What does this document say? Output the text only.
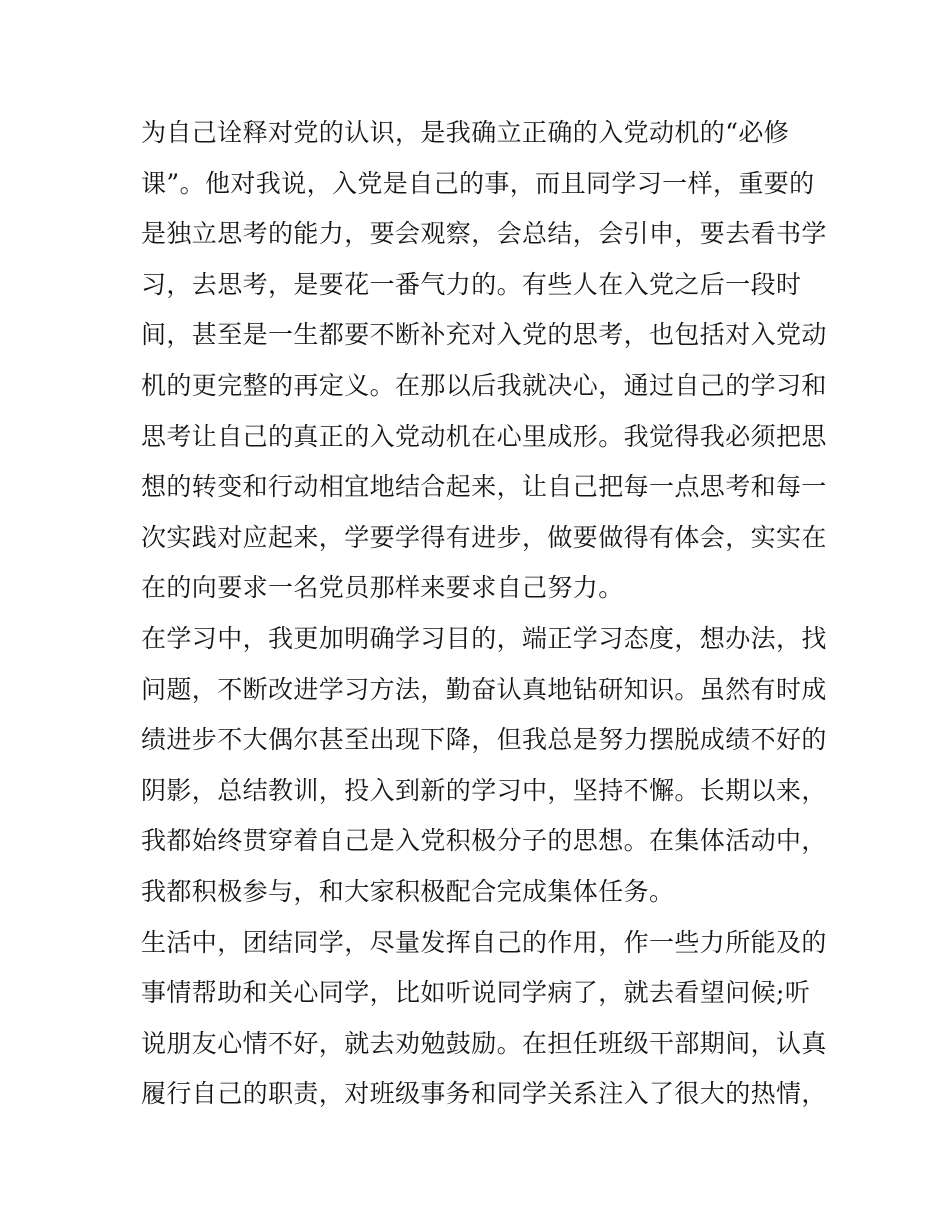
为自己诠释对党的认识，是我确立正确的入党动机的“必修
课”。他对我说，入党是自己的事，而且同学习一样，重要的
是独立思考的能力，要会观察，会总结，会引申，要去看书学
习，去思考，是要花一番气力的。有些人在入党之后一段时
间，甚至是一生都要不断补充对入党的思考，也包括对入党动
机的更完整的再定义。在那以后我就决心，通过自己的学习和
思考让自己的真正的入党动机在心里成形。我觉得我必须把思
想的转变和行动相宜地结合起来，让自己把每一点思考和每一
次实践对应起来，学要学得有进步，做要做得有体会，实实在
在的向要求一名党员那样来要求自己努力。
在学习中，我更加明确学习目的，端正学习态度，想办法，找
问题，不断改进学习方法，勤奋认真地钻研知识。虽然有时成
绩进步不大偶尔甚至出现下降，但我总是努力摆脱成绩不好的
阴影，总结教训，投入到新的学习中，坚持不懈。长期以来，
我都始终贯穿着自己是入党积极分子的思想。在集体活动中，
我都积极参与，和大家积极配合完成集体任务。
生活中，团结同学，尽量发挥自己的作用，作一些力所能及的
事情帮助和关心同学，比如听说同学病了，就去看望问候;听
说朋友心情不好，就去劝勉鼓励。在担任班级干部期间，认真
履行自己的职责，对班级事务和同学关系注入了很大的热情，
